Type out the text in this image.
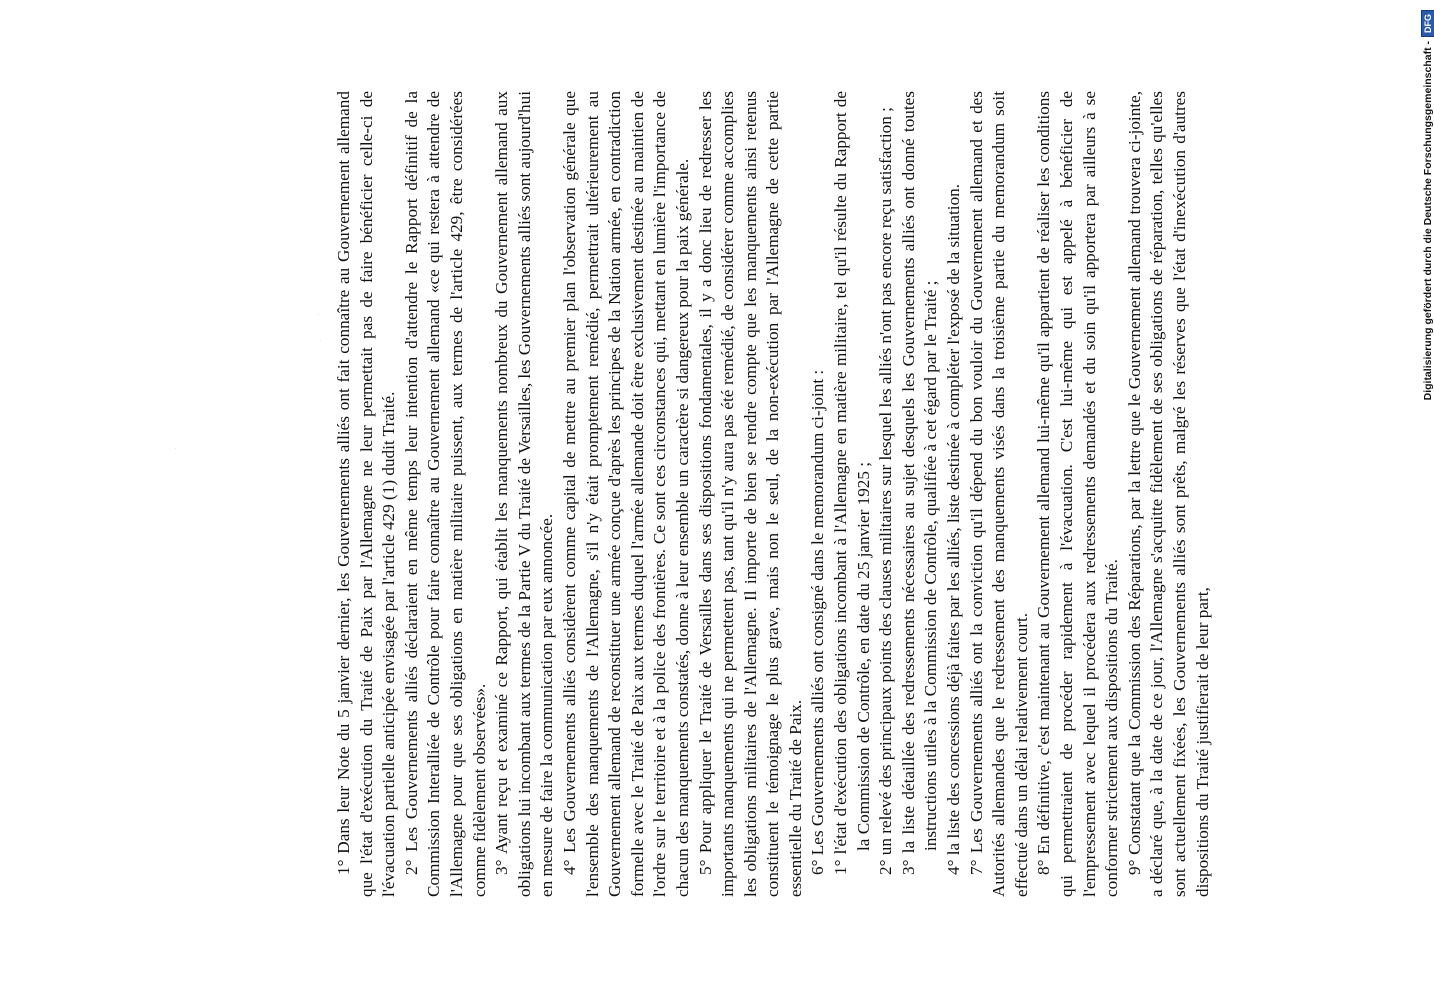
1° Dans leur Note du 5 janvier dernier, les Gouvernements alliés ont fait connaître au Gouvernement allemand que l'état d'exécution du Traité de Paix par l'Allemagne ne leur permettait pas de faire bénéficier celle-ci de l'évacuation partielle anticipée envisagée par l'article 429 (1) dudit Traité. 2° Les Gouvernements alliés déclaraient en même temps leur intention d'attendre le Rapport définitif de la Commission Interalliée de Contrôle pour faire connaître au Gouvernement allemand «ce qui restera à attendre de l'Allemagne pour que ses obligations en matière militaire puissent, aux termes de l'article 429, être considérées comme fidèlement observées». 3° Ayant reçu et examiné ce Rapport, qui établit les manquements nombreux du Gouvernement allemand aux obligations lui incombant aux termes de la Partie V du Traité de Versailles, les Gouvernements alliés sont aujourd'hui en mesure de faire la communication par eux annoncée. 4° Les Gouvernements alliés considèrent comme capital de mettre au premier plan l'observation générale que l'ensemble des manquements de l'Allemagne, s'il n'y était promptement remédié, permettrait ultérieurement au Gouvernement allemand de reconstituer une armée conçue d'après les principes de la Nation armée, en contradiction formelle avec le Traité de Paix aux termes duquel l'armée allemande doit être exclusivement destinée au maintien de l'ordre sur le territoire et à la police des frontières. Ce sont ces circonstances qui, mettant en lumière l'importance de chacun des manquements constatés, donne à leur ensemble un caractère si dangereux pour la paix générale. 5° Pour appliquer le Traité de Versailles dans ses dispositions fondamentales, il y a donc lieu de redresser les importants manquements qui ne permettent pas, tant qu'il n'y aura pas été remédié, de considérer comme accomplies les obligations militaires de l'Allemagne. Il importe de bien se rendre compte que les manquements ainsi retenus constituent le témoignage le plus grave, mais non le seul, de la non-exécution par l'Allemagne de cette partie essentielle du Traité de Paix. 6° Les Gouvernements alliés ont consigné dans le memorandum ci-joint : 1° l'état d'exécution des obligations incombant à l'Allemagne en matière militaire, tel qu'il résulte du Rapport de la Commission de Contrôle, en date du 25 janvier 1925 ; 2° un relevé des principaux points des clauses militaires sur lesquel les alliés n'ont pas encore reçu satisfaction ; 3° la liste détaillée des redressements nécessaires au sujet desquels les Gouvernements alliés ont donné toutes instructions utiles à la Commission de Contrôle, qualifiée à cet égard par le Traité ; 4° la liste des concessions déjà faites par les alliés, liste destinée à compléter l'exposé de la situation. 7° Les Gouvernements alliés ont la conviction qu'il dépend du bon vouloir du Gouvernement allemand et des Autorités allemandes que le redressement des manquements visés dans la troisième partie du memorandum soit effectué dans un délai relativement court. 8° En définitive, c'est maintenant au Gouvernement allemand lui-même qu'il appartient de réaliser les conditions qui permettraient de procéder rapidement à l'évacuation. C'est lui-même qui est appelé à bénéficier de l'empressement avec lequel il procédera aux redressements demandés et du soin qu'il apportera par ailleurs à se conformer strictement aux dispositions du Traité. 9° Constatant que la Commission des Réparations, par la lettre que le Gouvernement allemand trouvera ci-jointe, a déclaré que, à la date de ce jour, l'Allemagne s'acquitte fidèlement de ses obligations de réparation, telles qu'elles sont actuellement fixées, les Gouvernements alliés sont prêts, malgré les réserves que l'état d'inexécution d'autres dispositions du Traité justifierait de leur part,

·
·
·
Digitalisierung gefördert durch die Deutsche Forschungsgemeinschaft -
DFG
